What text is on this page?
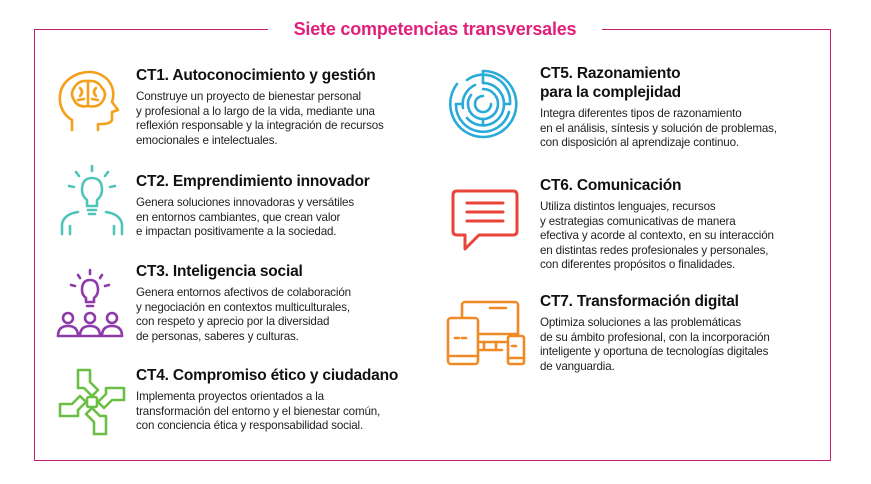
Siete competencias transversales
CT1. Autoconocimiento y gestión
Construye un proyecto de bienestar personal
y profesional a lo largo de la vida, mediante una
reflexión responsable y la integración de recursos
emocionales e intelectuales.
CT2. Emprendimiento innovador
Genera soluciones innovadoras y versátiles
en entornos cambiantes, que crean valor
e impactan positivamente a la sociedad.
CT3. Inteligencia social
Genera entornos afectivos de colaboración
y negociación en contextos multiculturales,
con respeto y aprecio por la diversidad
de personas, saberes y culturas.
CT4. Compromiso ético y ciudadano
Implementa proyectos orientados a la
transformación del entorno y el bienestar común,
con conciencia ética y responsabilidad social.
CT5. Razonamiento
para la complejidad
Integra diferentes tipos de razonamiento
en el análisis, síntesis y solución de problemas,
con disposición al aprendizaje continuo.
CT6. Comunicación
Utiliza distintos lenguajes, recursos
y estrategias comunicativas de manera
efectiva y acorde al contexto, en su interacción
en distintas redes profesionales y personales,
con diferentes propósitos o finalidades.
CT7. Transformación digital
Optimiza soluciones a las problemáticas
de su ámbito profesional, con la incorporación
inteligente y oportuna de tecnologías digitales
de vanguardia.
